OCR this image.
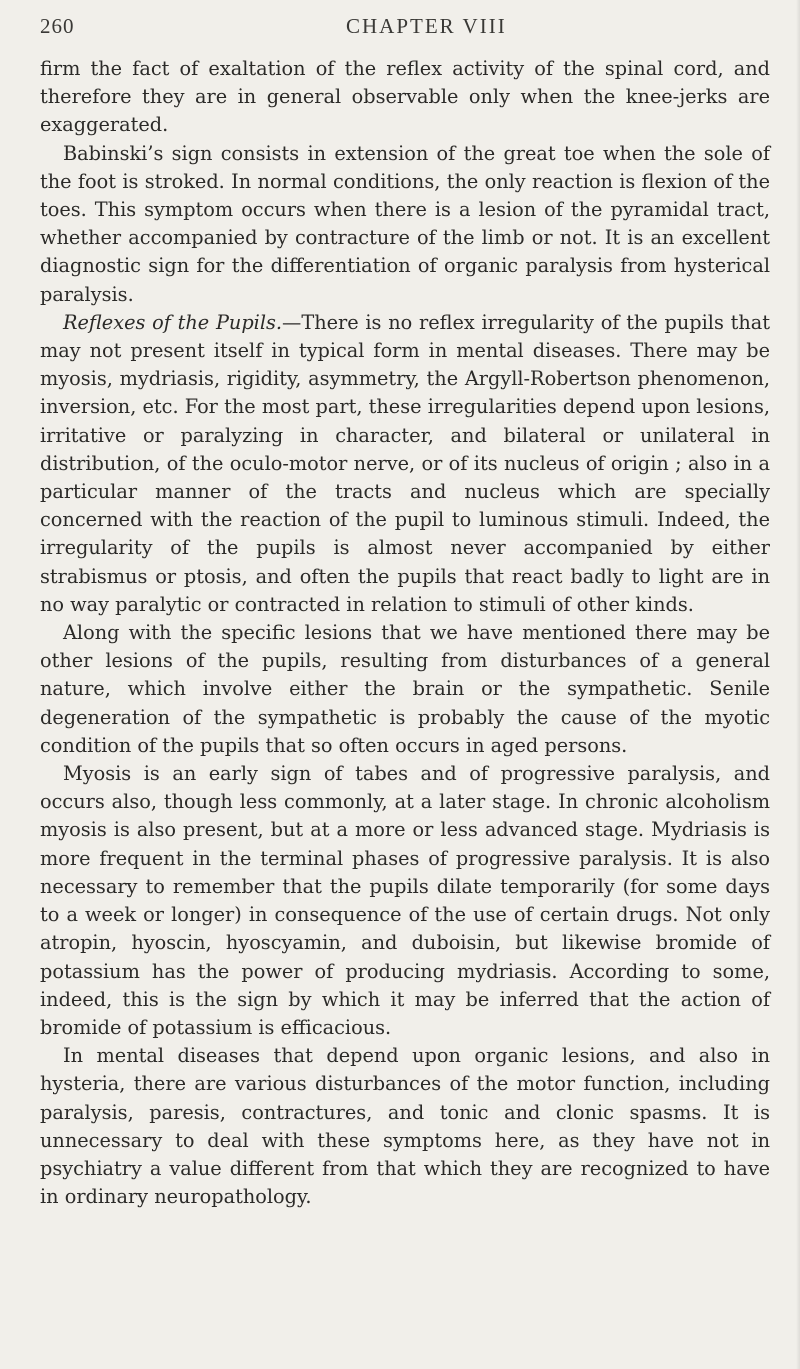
260	CHAPTER VIII

firm the fact of exaltation of the reflex activity of the spinal cord, and therefore they are in general observable only when the knee-jerks are exaggerated.

Babinski’s sign consists in extension of the great toe when the sole of the foot is stroked. In normal conditions, the only reaction is flexion of the toes. This symptom occurs when there is a lesion of the pyramidal tract, whether accompanied by contracture of the limb or not. It is an excellent diagnostic sign for the differentiation of organic paralysis from hysterical paralysis.

Reflexes of the Pupils.—There is no reflex irregularity of the pupils that may not present itself in typical form in mental diseases. There may be myosis, mydriasis, rigidity, asymmetry, the Argyll-Robertson phenomenon, inversion, etc. For the most part, these irregularities depend upon lesions, irritative or paralyzing in character, and bilateral or unilateral in distribution, of the oculo-motor nerve, or of its nucleus of origin ; also in a particular manner of the tracts and nucleus which are specially concerned with the reaction of the pupil to luminous stimuli. Indeed, the irregularity of the pupils is almost never accompanied by either strabismus or ptosis, and often the pupils that react badly to light are in no way paralytic or contracted in relation to stimuli of other kinds.

Along with the specific lesions that we have mentioned there may be other lesions of the pupils, resulting from disturbances of a general nature, which involve either the brain or the sympathetic. Senile degeneration of the sympathetic is probably the cause of the myotic condition of the pupils that so often occurs in aged persons.

Myosis is an early sign of tabes and of progressive paralysis, and occurs also, though less commonly, at a later stage. In chronic alcoholism myosis is also present, but at a more or less advanced stage. Mydriasis is more frequent in the terminal phases of progressive paralysis. It is also necessary to remember that the pupils dilate temporarily (for some days to a week or longer) in consequence of the use of certain drugs. Not only atropin, hyoscin, hyoscyamin, and duboisin, but likewise bromide of potassium has the power of producing mydriasis. According to some, indeed, this is the sign by which it may be inferred that the action of bromide of potassium is efficacious.

In mental diseases that depend upon organic lesions, and also in hysteria, there are various disturbances of the motor function, including paralysis, paresis, contractures, and tonic and clonic spasms. It is unnecessary to deal with these symptoms here, as they have not in psychiatry a value different from that which they are recognized to have in ordinary neuropathology.
